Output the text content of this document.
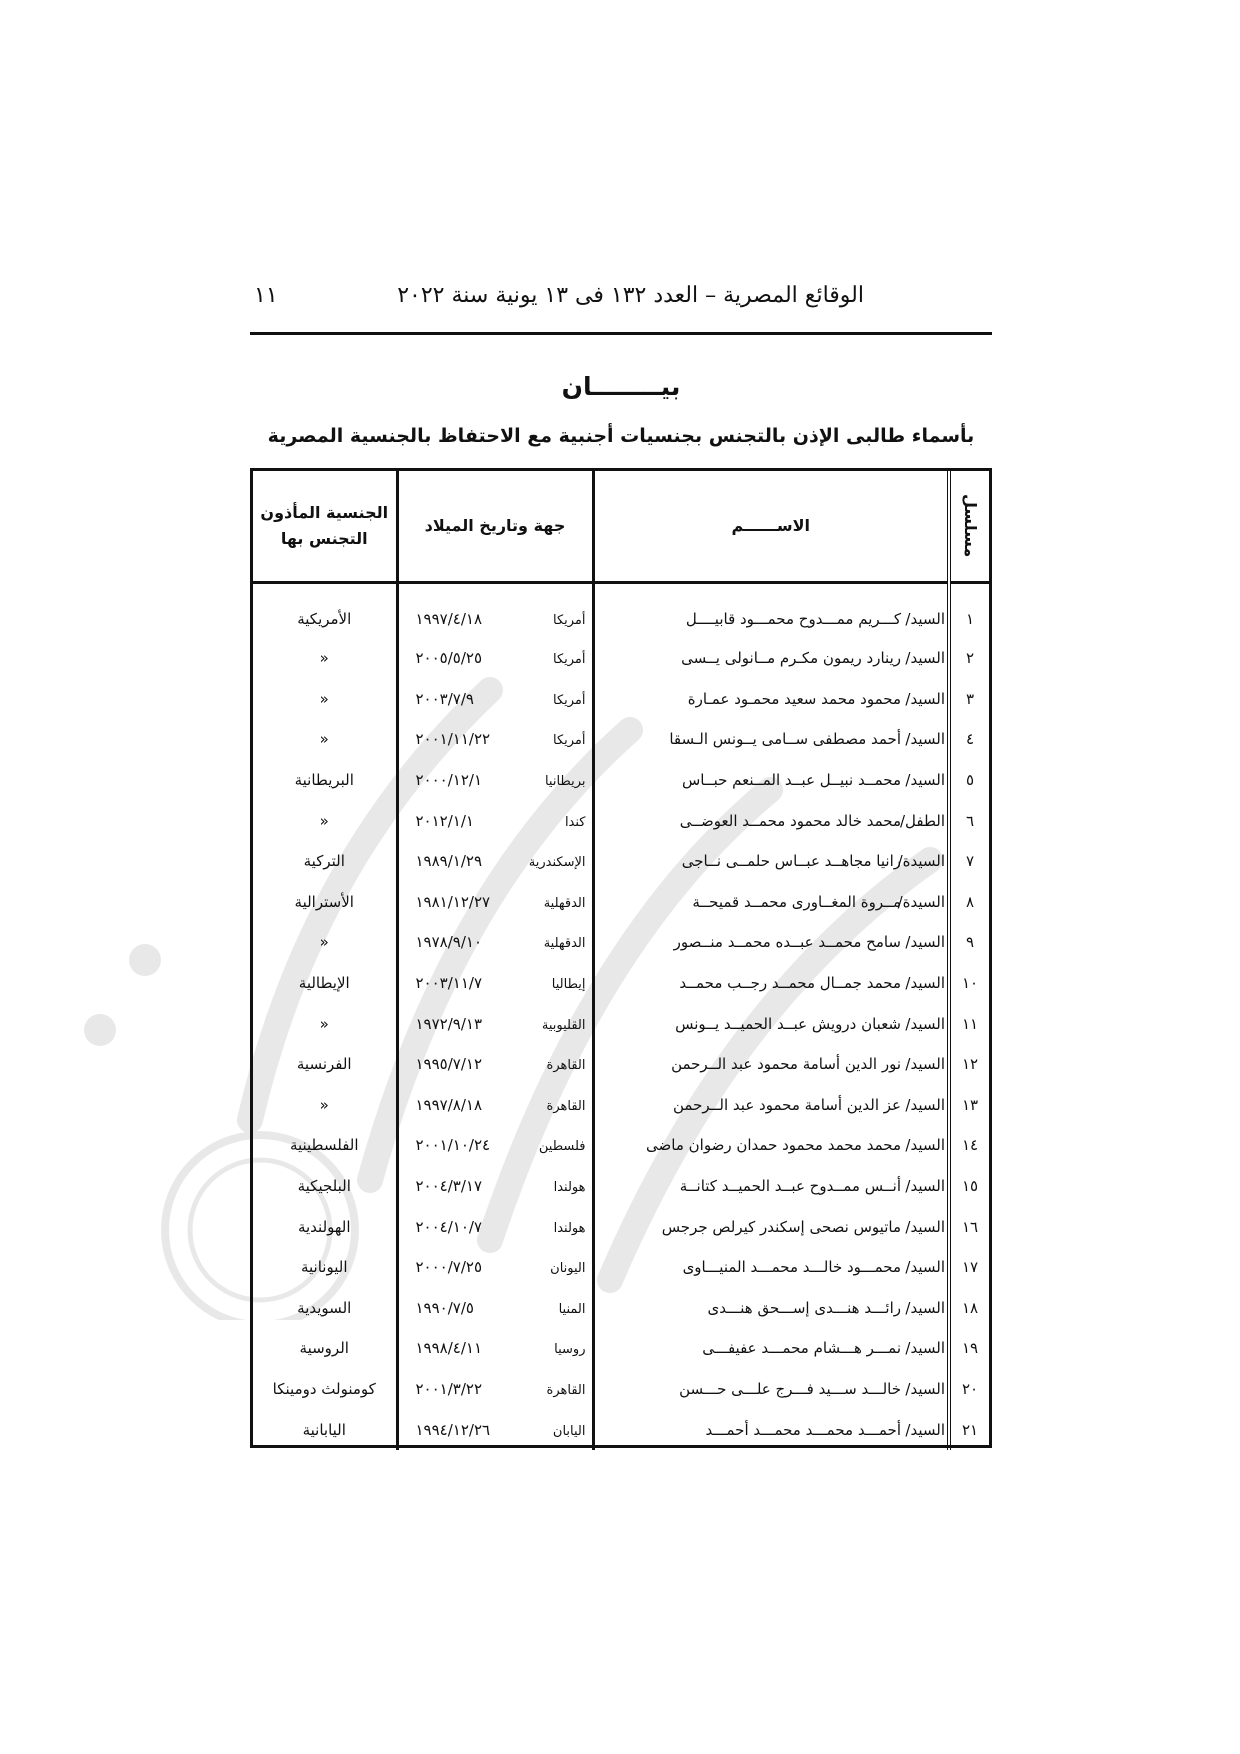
الوقائع المصرية – العدد ١٣٢ فى ١٣ يونية سنة ٢٠٢٢
١١
بيــــــــان
بأسماء طالبى الإذن بالتجنس بجنسيات أجنبية مع الاحتفاظ بالجنسية المصرية
مسلسل	الاســــــم	جهة وتاريخ الميلاد	الجنسية المأذون
التجنس بها
١	السيد/كـــريم ممـــدوح محمـــود قابيــــل	أمريكا١٩٩٧/٤/١٨	الأمريكية
٢	السيد/رينارد ريمون مكـرم مــانولى يــسى	أمريكا٢٠٠٥/٥/٢٥	«
٣	السيد/محمود محمد سعيد محمـود عمـارة	أمريكا٢٠٠٣/٧/٩	«
٤	السيد/أحمد مصطفى ســامى يــونس الـسقا	أمريكا٢٠٠١/١١/٢٢	«
٥	السيد/محمــد نبيــل عبــد المــنعم حبــاس	بريطانيا٢٠٠٠/١٢/١	البريطانية
٦	الطفل/محمد خالد محمود محمــد العوضــى	كندا٢٠١٢/١/١	«
٧	السيدة/رانيا مجاهــد عبــاس حلمــى نــاجى	الإسكندرية١٩٨٩/١/٢٩	التركية
٨	السيدة/مــروة المغــاورى محمــد قميحــة	الدقهلية١٩٨١/١٢/٢٧	الأسترالية
٩	السيد/سامح محمــد عبــده محمــد منــصور	الدقهلية١٩٧٨/٩/١٠	«
١٠	السيد/محمد جمــال محمــد رجــب محمــد	إيطاليا٢٠٠٣/١١/٧	الإيطالية
١١	السيد/شعبان درويش عبــد الحميــد يــونس	القليوبية١٩٧٢/٩/١٣	«
١٢	السيد/نور الدين أسامة محمود عبد الــرحمن	القاهرة١٩٩٥/٧/١٢	الفرنسية
١٣	السيد/عز الدين أسامة محمود عبد الــرحمن	القاهرة١٩٩٧/٨/١٨	«
١٤	السيد/محمد محمد محمود حمدان رضوان ماضى	فلسطين٢٠٠١/١٠/٢٤	الفلسطينية
١٥	السيد/أنــس ممــدوح عبــد الحميــد كتانــة	هولندا٢٠٠٤/٣/١٧	البلجيكية
١٦	السيد/ماتيوس نصحى إسكندر كيرلص جرجس	هولندا٢٠٠٤/١٠/٧	الهولندية
١٧	السيد/محمـــود خالـــد محمـــد المنيـــاوى	اليونان٢٠٠٠/٧/٢٥	اليونانية
١٨	السيد/رائـــد هنـــدى إســـحق هنـــدى	المنيا١٩٩٠/٧/٥	السويدية
١٩	السيد/نمـــر هـــشام محمـــد عفيفـــى	روسيا١٩٩٨/٤/١١	الروسية
٢٠	السيد/خالـــد ســـيد فـــرج علـــى حـــسن	القاهرة٢٠٠١/٣/٢٢	كومنولث دومينكا
٢١	السيد/أحمـــد محمـــد محمـــد أحمـــد	اليابان١٩٩٤/١٢/٢٦	اليابانية
